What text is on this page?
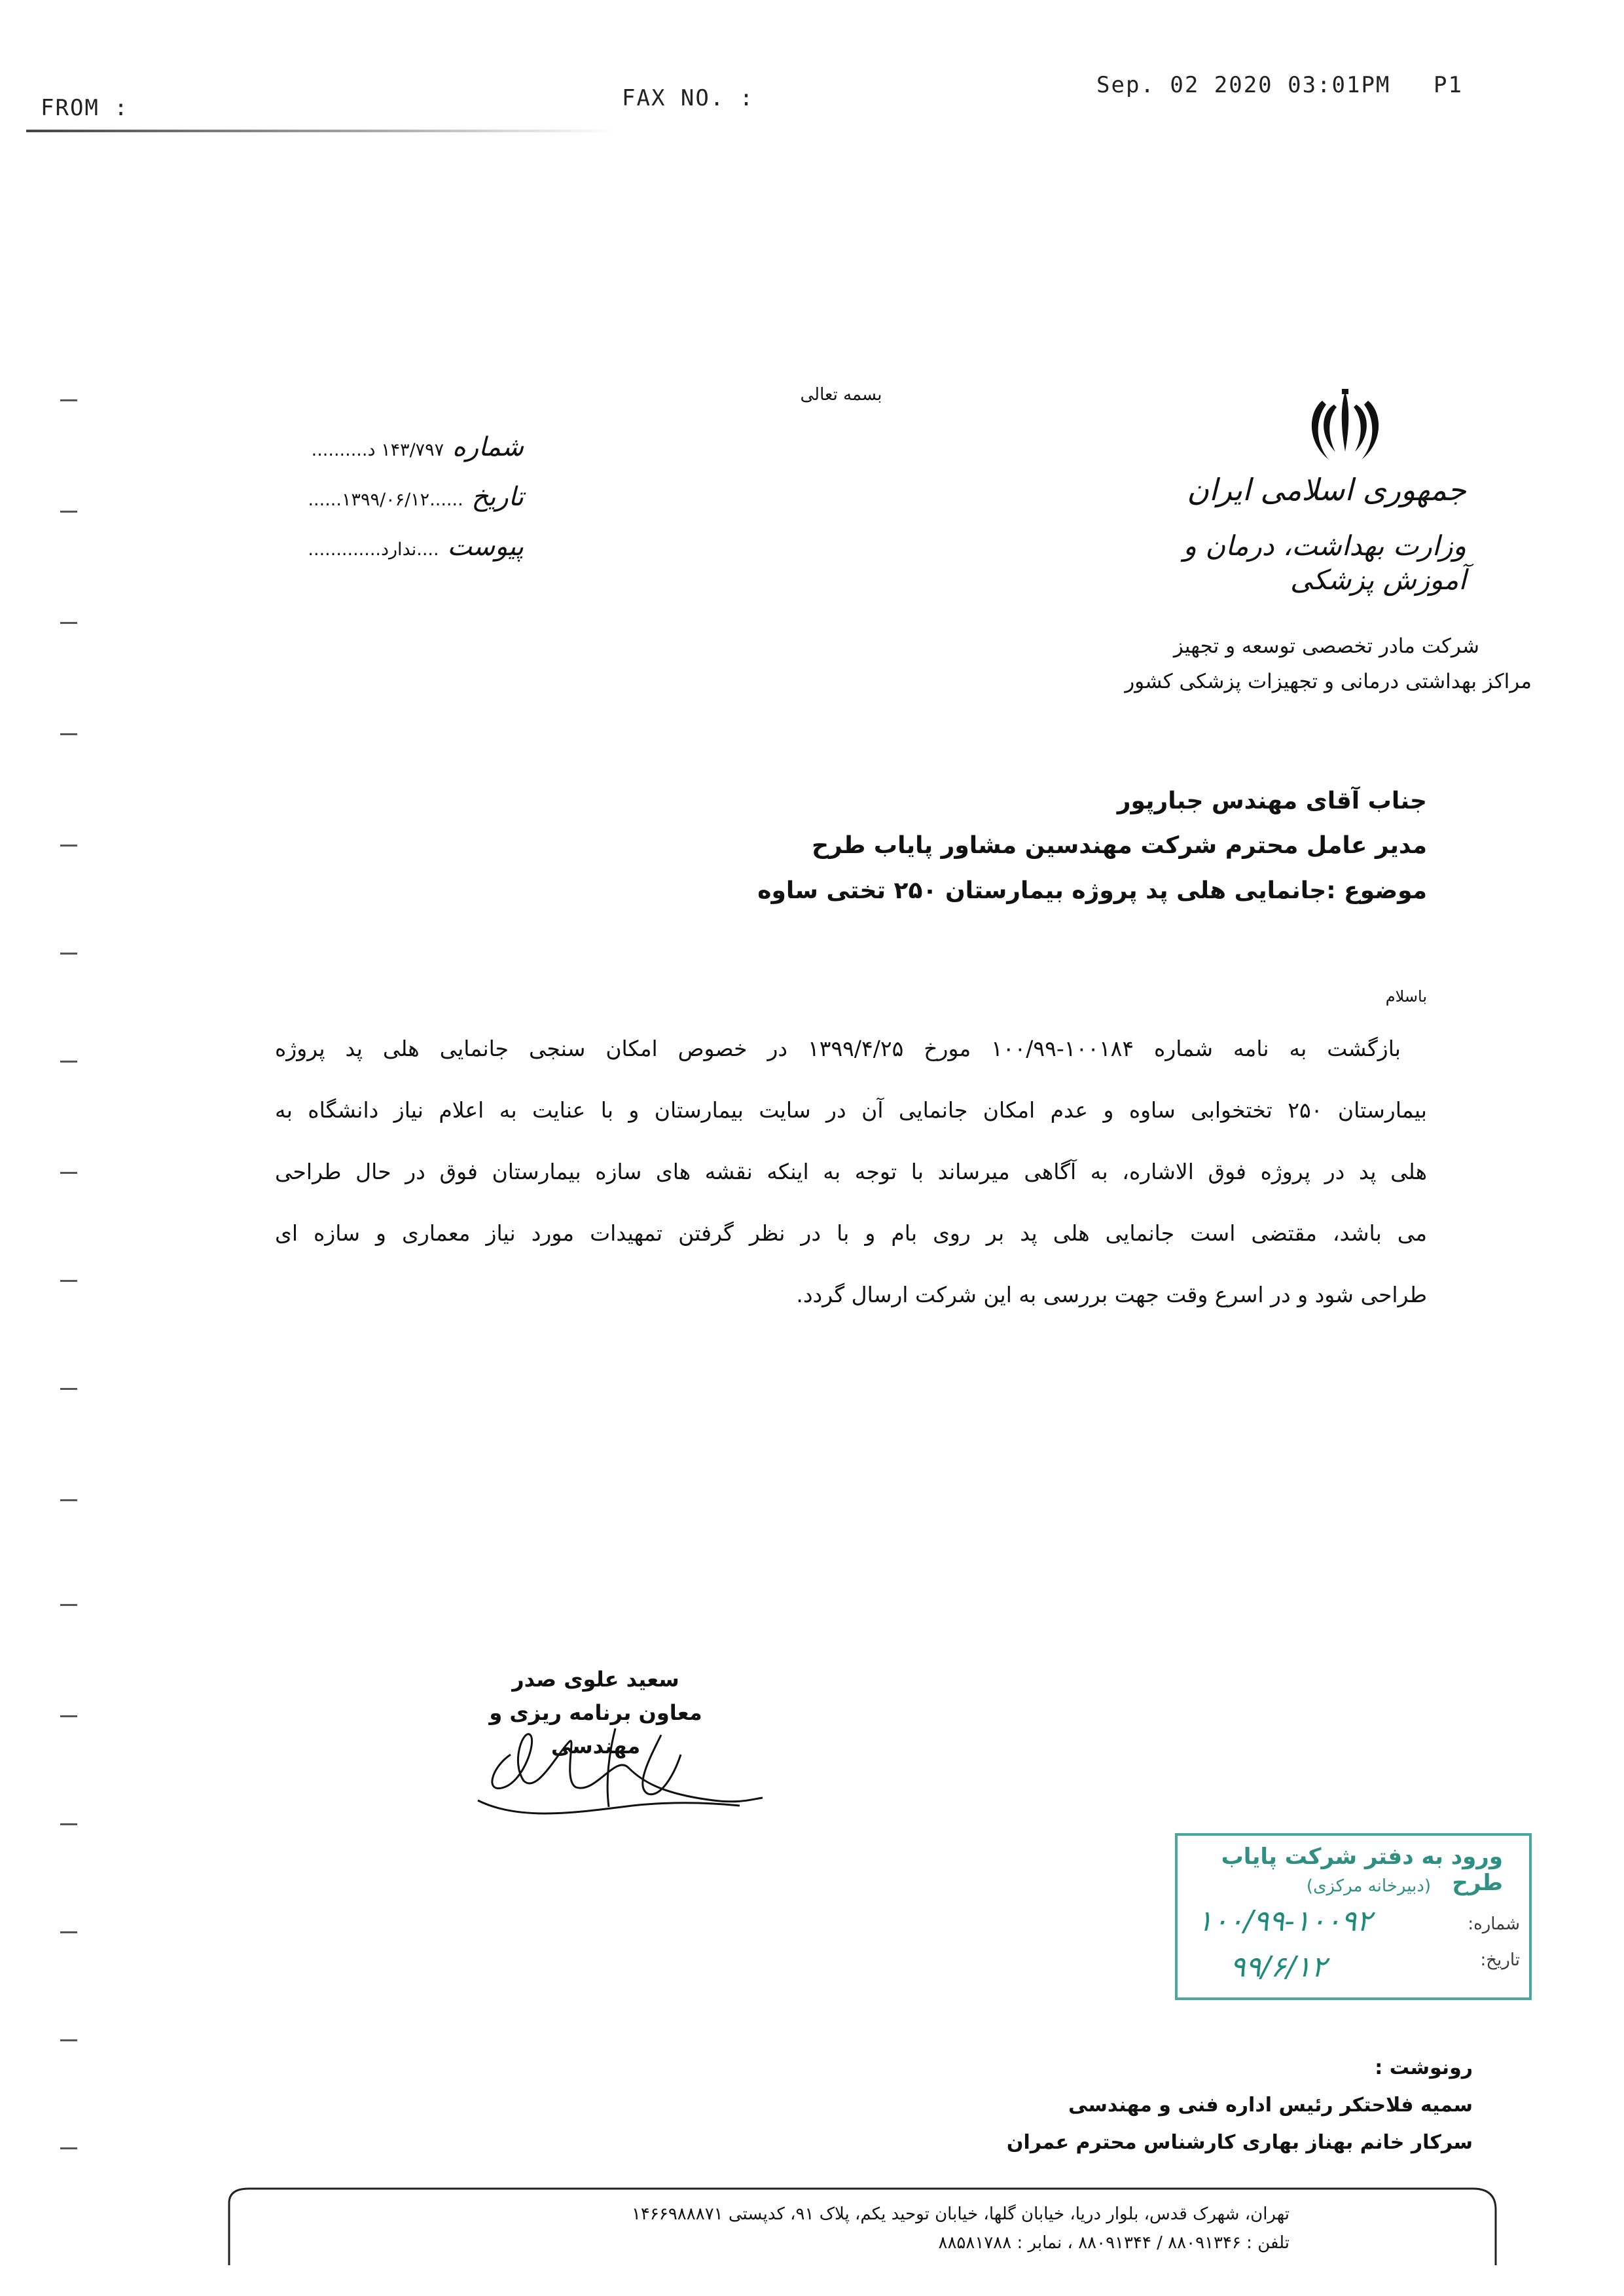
FROM :	FAX NO. :	Sep. 02 2020 03:01PM P1
بسمه تعالی
جمهوری اسلامی ایران
وزارت بهداشت، درمان و آموزش پزشکی
شرکت مادر تخصصی توسعه و تجهیز
مراکز بهداشتی درمانی و تجهیزات پزشکی کشور
شماره ۱۴۳/۷۹۷ د..........
تاریخ ......۱۳۹۹/۰۶/۱۲......
پیوست ....ندارد.............
جناب آقای مهندس جبارپور
مدیر عامل محترم شرکت مهندسین مشاور پایاب طرح
موضوع :جانمایی هلی پد پروژه بیمارستان ۲۵۰ تختی ساوه
باسلام
بازگشت به نامه شماره ۱۰۰۱۸۴-۱۰۰/۹۹ مورخ ۱۳۹۹/۴/۲۵ در خصوص امکان سنجی جانمایی هلی پد پروژه
بیمارستان ۲۵۰ تختخوابی ساوه و عدم امکان جانمایی آن در سایت بیمارستان و با عنایت به اعلام نیاز دانشگاه به
هلی پد در پروژه فوق الاشاره، به آگاهی میرساند با توجه به اینکه نقشه های سازه بیمارستان فوق در حال طراحی
می باشد، مقتضی است جانمایی هلی پد بر روی بام و با در نظر گرفتن تمهیدات مورد نیاز معماری و سازه ای
طراحی شود و در اسرع وقت جهت بررسی به این شرکت ارسال گردد.
سعید علوی صدر
معاون برنامه ریزی و مهندسی
ورود به دفتر شرکت پایاب طرح
(دبیرخانه مرکزی)
شماره:
۱۰۰/۹۹-۱۰۰۹۲
تاریخ:
۹۹/۶/۱۲
رونوشت :
سمیه فلاحتکر رئیس اداره فنی و مهندسی
سرکار خانم بهناز بهاری کارشناس محترم عمران
تهران، شهرک قدس، بلوار دریا، خیابان گلها، خیابان توحید یکم، پلاک ۹۱، کدپستی ۱۴۶۶۹۸۸۸۷۱
تلفن : ۸۸۰۹۱۳۴۶ / ۸۸۰۹۱۳۴۴ ، نمابر : ۸۸۵۸۱۷۸۸
